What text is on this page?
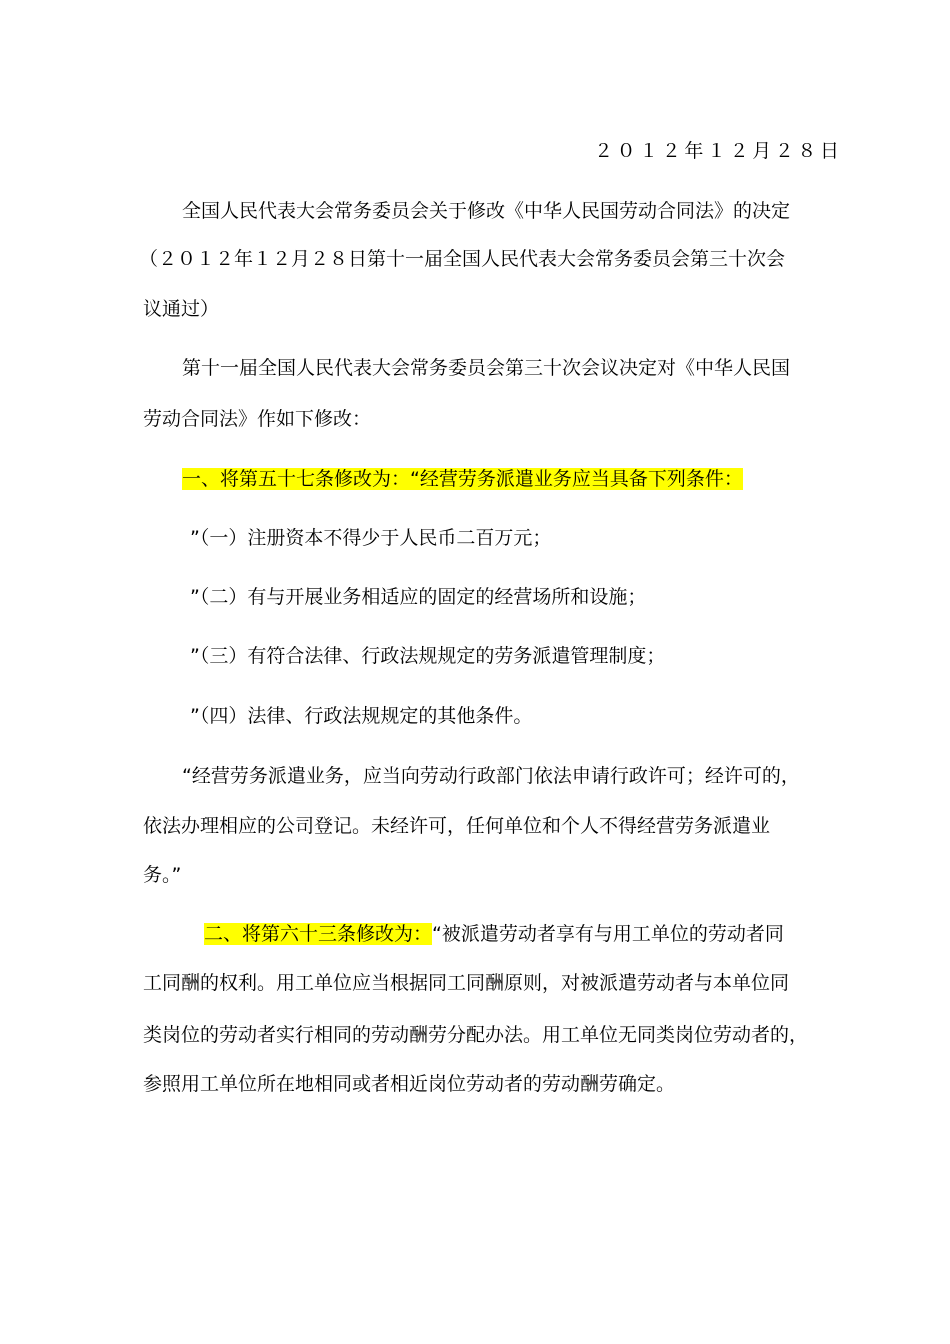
２０１２年１２月２８日
全国人民代表大会常务委员会关于修改《中华人民国劳动合同法》的决定
（２０１２年１２月２８日第十一届全国人民代表大会常务委员会第三十次会
议通过）
第十一届全国人民代表大会常务委员会第三十次会议决定对《中华人民国
劳动合同法》作如下修改：
一、将第五十七条修改为：“经营劳务派遣业务应当具备下列条件：
”（一）注册资本不得少于人民币二百万元；
”（二）有与开展业务相适应的固定的经营场所和设施；
”（三）有符合法律、行政法规规定的劳务派遣管理制度；
”（四）法律、行政法规规定的其他条件。
“经营劳务派遣业务，应当向劳动行政部门依法申请行政许可；经许可的，
依法办理相应的公司登记。未经许可，任何单位和个人不得经营劳务派遣业
务。”
二、将第六十三条修改为：“被派遣劳动者享有与用工单位的劳动者同
工同酬的权利。用工单位应当根据同工同酬原则，对被派遣劳动者与本单位同
类岗位的劳动者实行相同的劳动酬劳分配办法。用工单位无同类岗位劳动者的，
参照用工单位所在地相同或者相近岗位劳动者的劳动酬劳确定。
